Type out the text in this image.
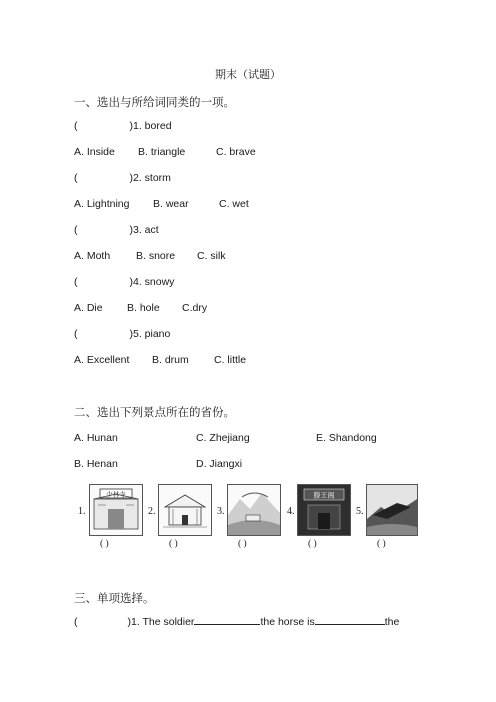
期末（试题）
一、选出与所给词同类的一项。
(	)1. bored
A. Inside B. triangle	C. brave
(	)2. storm
A. Lightning B. wear	C. wet
(	)3. act
A. Moth B. snore C. silk
(	)4. snowy
A. Die B. hole C.dry
(	)5. piano
A. Excellent B. drum C. little
二、选出下列景点所在的省份。
A. Hunan	C. Zhejiang	E. Shandong
B. Henan	D. Jiangxi
1.
少林寺
( )
2.
( )
3.
( )
4.
滕王阁
( )
5.
( )
三、单项选择。
(	)1. The soldier	the horse is	the
